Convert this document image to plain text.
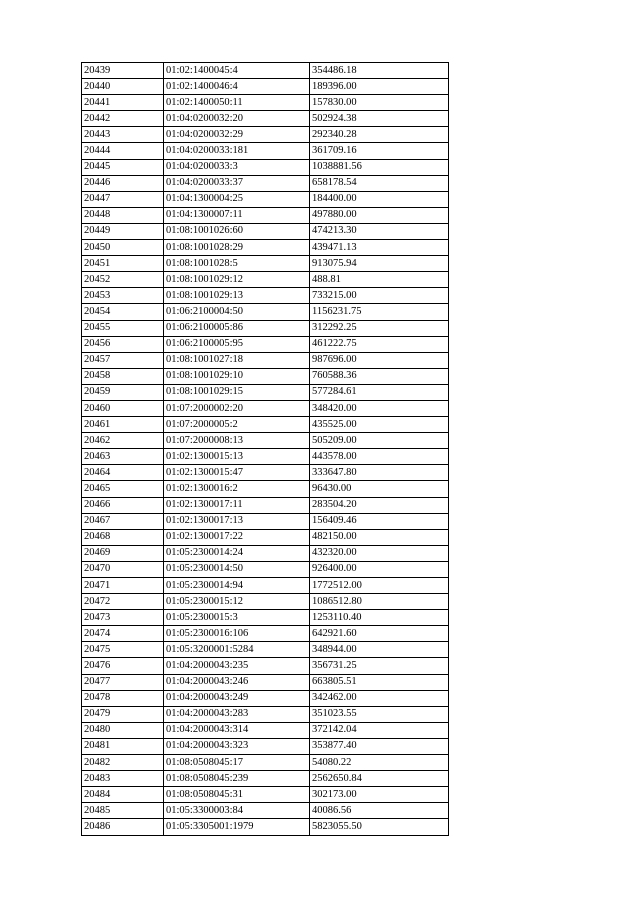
20439	01:02:1400045:4	354486.18
20440	01:02:1400046:4	189396.00
20441	01:02:1400050:11	157830.00
20442	01:04:0200032:20	502924.38
20443	01:04:0200032:29	292340.28
20444	01:04:0200033:181	361709.16
20445	01:04:0200033:3	1038881.56
20446	01:04:0200033:37	658178.54
20447	01:04:1300004:25	184400.00
20448	01:04:1300007:11	497880.00
20449	01:08:1001026:60	474213.30
20450	01:08:1001028:29	439471.13
20451	01:08:1001028:5	913075.94
20452	01:08:1001029:12	488.81
20453	01:08:1001029:13	733215.00
20454	01:06:2100004:50	1156231.75
20455	01:06:2100005:86	312292.25
20456	01:06:2100005:95	461222.75
20457	01:08:1001027:18	987696.00
20458	01:08:1001029:10	760588.36
20459	01:08:1001029:15	577284.61
20460	01:07:2000002:20	348420.00
20461	01:07:2000005:2	435525.00
20462	01:07:2000008:13	505209.00
20463	01:02:1300015:13	443578.00
20464	01:02:1300015:47	333647.80
20465	01:02:1300016:2	96430.00
20466	01:02:1300017:11	283504.20
20467	01:02:1300017:13	156409.46
20468	01:02:1300017:22	482150.00
20469	01:05:2300014:24	432320.00
20470	01:05:2300014:50	926400.00
20471	01:05:2300014:94	1772512.00
20472	01:05:2300015:12	1086512.80
20473	01:05:2300015:3	1253110.40
20474	01:05:2300016:106	642921.60
20475	01:05:3200001:5284	348944.00
20476	01:04:2000043:235	356731.25
20477	01:04:2000043:246	663805.51
20478	01:04:2000043:249	342462.00
20479	01:04:2000043:283	351023.55
20480	01:04:2000043:314	372142.04
20481	01:04:2000043:323	353877.40
20482	01:08:0508045:17	54080.22
20483	01:08:0508045:239	2562650.84
20484	01:08:0508045:31	302173.00
20485	01:05:3300003:84	40086.56
20486	01:05:3305001:1979	5823055.50
